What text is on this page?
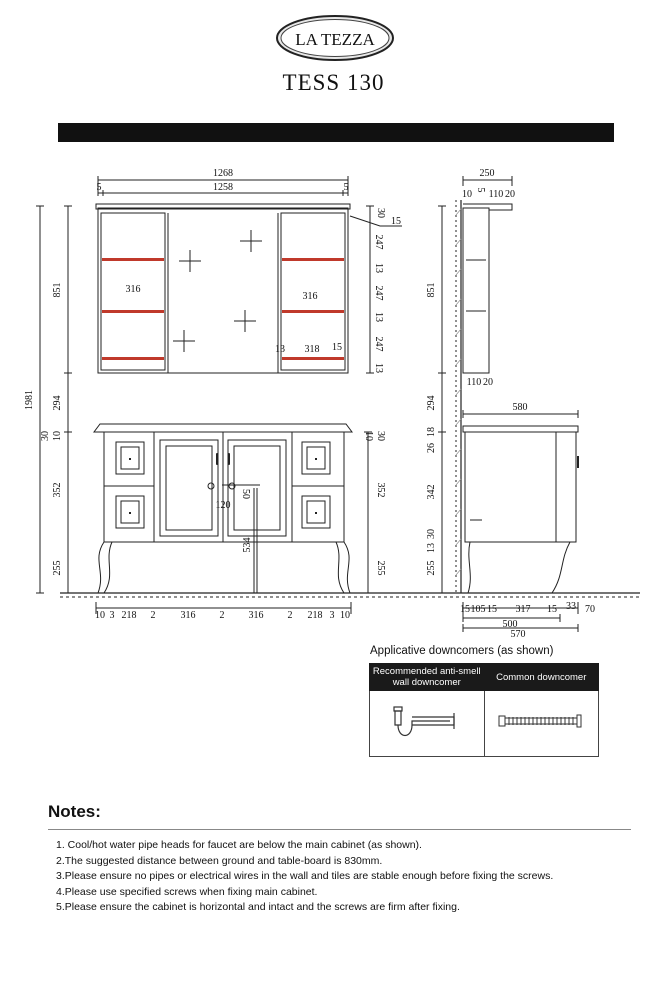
LA TEZZA
TESS 130
1268
1258
5	5
851
1981 294
30
15
247
13
247
13
247
13
316
316
13 318 15
30 10
352
255
30
10
352
255
50
120
534
10 3 218 2	316 2 316 2 218 3 10
250
10 5 110 20
851
110 20
294	580
18
26
342
30
13
255
15 105 15 317 15 33 70
500
570
Applicative downcomers (as shown)
Recommended anti-smell wall downcomer	Common downcomer

Notes:
1. Cool/hot water pipe heads for faucet are below the main cabinet (as shown).
2.The suggested distance between ground and table-board is 830mm.
3.Please ensure no pipes or electrical wires in the wall and tiles are stable enough before fixing the screws.
4.Please use specified screws when fixing main cabinet.
5.Please ensure the cabinet is horizontal and intact and the screws are firm after fixing.
